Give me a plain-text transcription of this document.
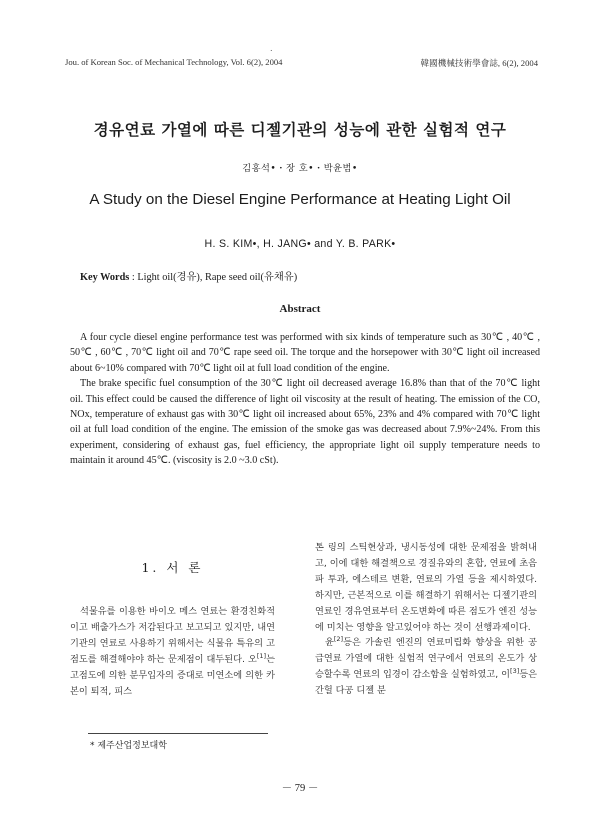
.
Jou. of Korean Soc. of Mechanical Technology, Vol. 6(2), 2004	韓國機械技術學會誌, 6(2), 2004
경유연료 가열에 따른 디젤기관의 성능에 관한 실험적 연구
김홍석•・장 호•・박윤범•
A Study on the Diesel Engine Performance at Heating Light Oil
H. S. KIM•, H. JANG• and Y. B. PARK•
Key Words : Light oil(경유), Rape seed oil(유채유)
Abstract

A four cycle diesel engine performance test was performed with six kinds of temperature such as 30℃ , 40℃ , 50℃ , 60℃ , 70℃ light oil and 70℃ rape seed oil. The torque and the horsepower with 30℃ light oil increased about 6~10% compared with 70℃ light oil at full load condition of the engine.

The brake specific fuel consumption of the 30℃ light oil decreased average 16.8% than that of the 70℃ light oil. This effect could be caused the difference of light oil viscosity at the result of heating. The emission of the CO, NOx, temperature of exhaust gas with 30℃ light oil increased about 65%, 23% and 4% compared with 70℃ light oil at full load condition of the engine. The emission of the smoke gas was decreased about 7.9%~24%. From this experiment, considering of exhaust gas, fuel efficiency, the appropriate light oil supply temperature needs to maintain it around 45℃. (viscosity is 2.0 ~3.0 cSt).

1. 서 론

석물유를 이용한 바이오 메스 연료는 환경친화적이고 배출가스가 저감된다고 보고되고 있지만, 내연기관의 연료로 사용하기 위해서는 식물유 특유의 고점도를 해결해야야 하는 문제점이 대두된다. 오[1]는 고점도에 의한 분무입자의 증대로 미연소에 의한 카본이 퇴적, 피스

* 제주산업정보대학

톤 링의 스틱현상과, 냉시동성에 대한 문제점을 밝혀내고, 이에 대한 해결책으로 경질유와의 혼합, 연료에 초음파 투과, 에스테르 변환, 연료의 가열 등을 제시하였다. 하지만, 근본적으로 이를 해결하기 위해서는 디젤기관의 연료인 경유연료부터 온도변화에 따른 점도가 엔진 성능에 미치는 영향을 알고있어야 하는 것이 선행과제이다.

윤[2]등은 가솔린 엔진의 연료미립화 향상을 위한 공급연료 가열에 대한 실험적 연구에서 연료의 온도가 상승할수록 연료의 입경이 감소함을 실험하였고, 이[3]등은 간헐 다공 디젤 분

－ 79 －
